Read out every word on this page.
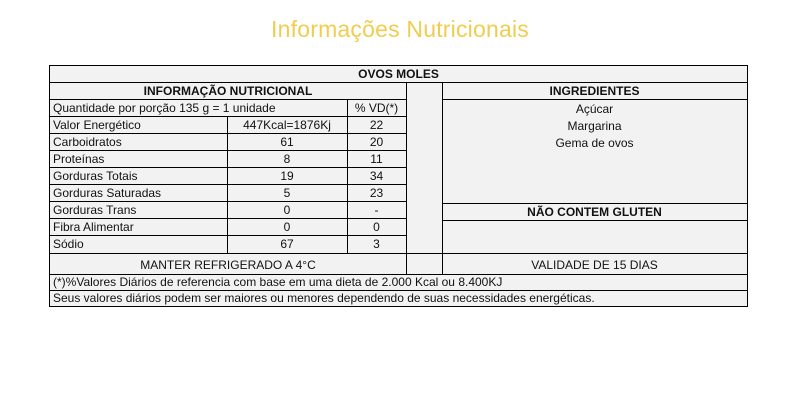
Informações Nutricionais
OVOS MOLES
INFORMAÇÃO NUTRICIONAL
Quantidade por porção 135 g = 1 unidade	% VD(*)
Valor Energético	447Kcal=1876Kj	22
Carboidratos	61	20
Proteínas	8	11
Gorduras Totais	19	34
Gorduras Saturadas	5	23
Gorduras Trans	0	-
Fibra Alimentar	0	0
Sódio	67	3
MANTER REFRIGERADO A 4°C
INGREDIENTES
Açúcar
Margarina
Gema de ovos
NÃO CONTEM GLUTEN
VALIDADE DE 15 DIAS
(*)%Valores Diários de referencia com base em uma dieta de 2.000 Kcal ou 8.400KJ
Seus valores diários podem ser maiores ou menores dependendo de suas necessidades energéticas.
